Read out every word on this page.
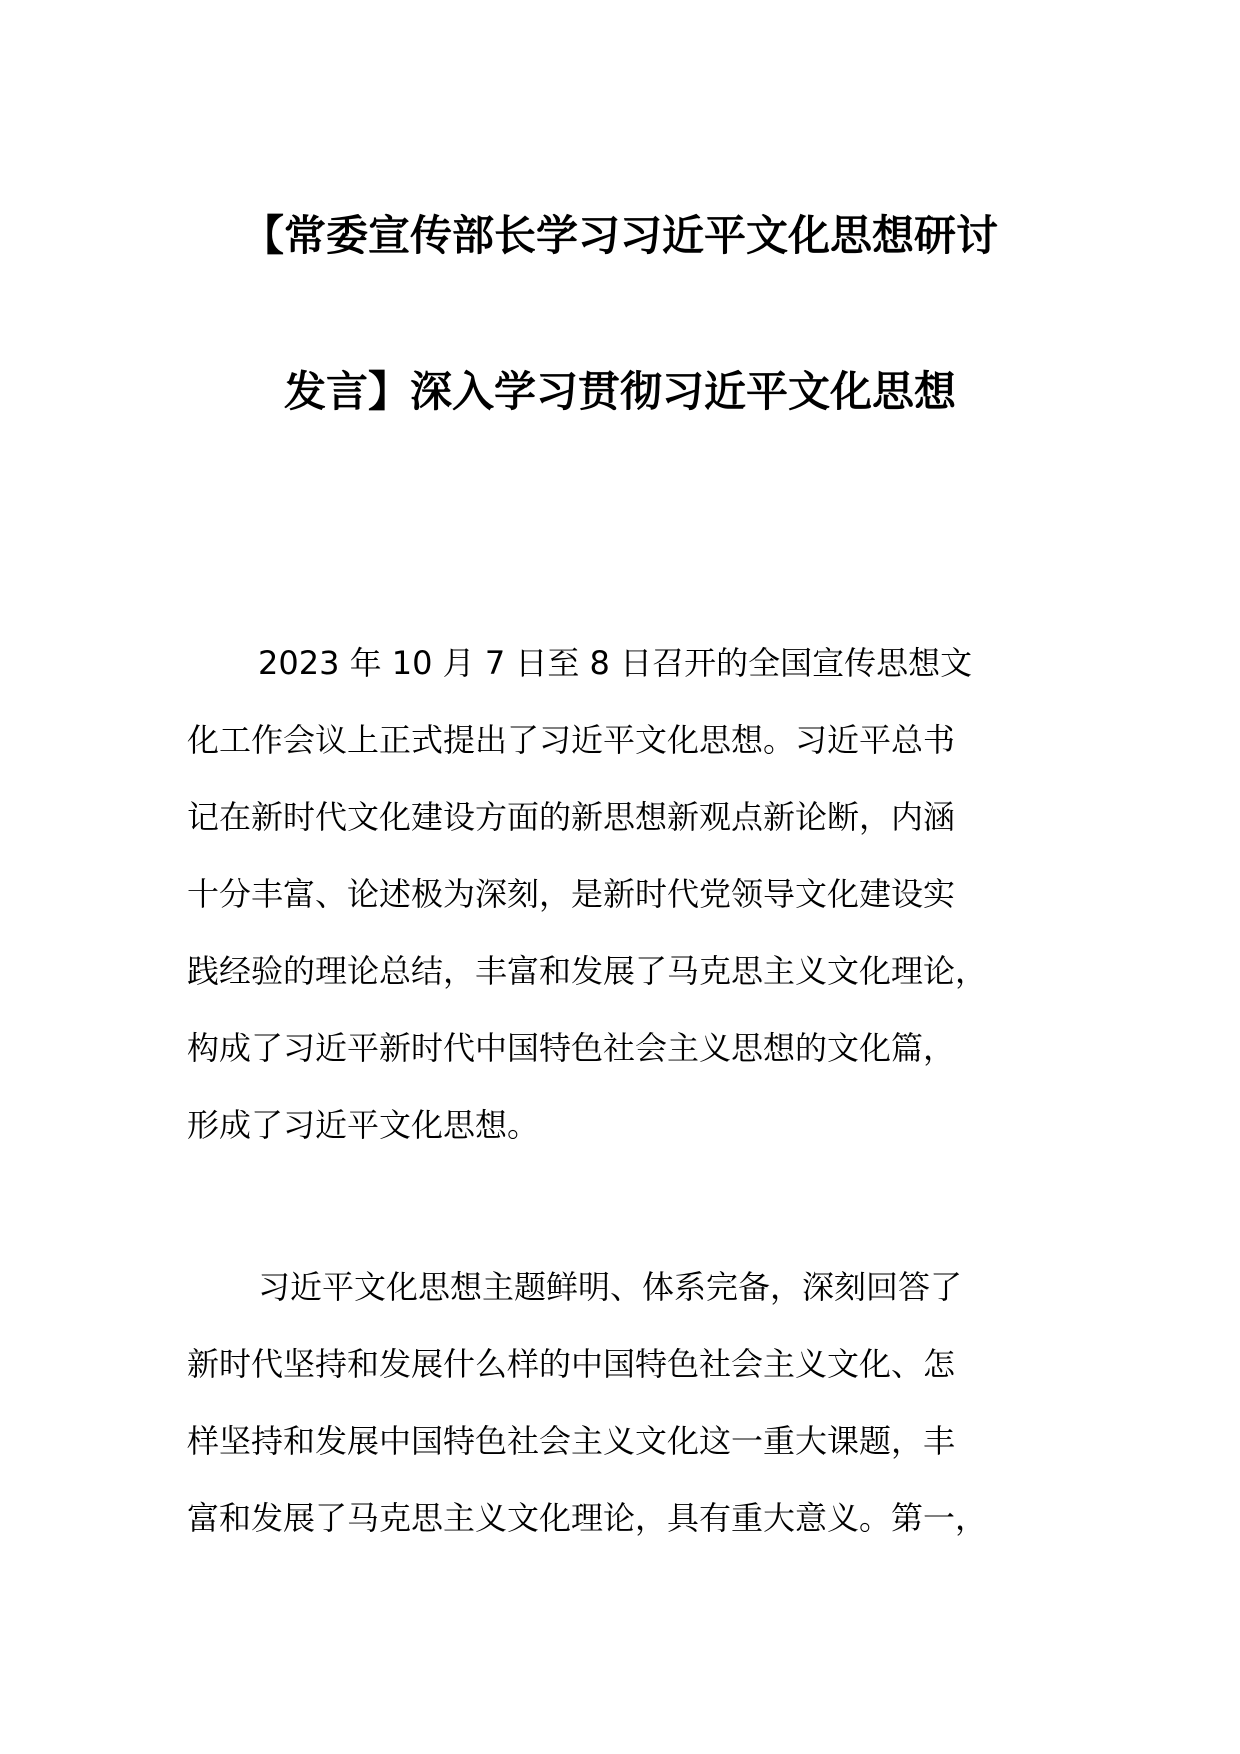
【常委宣传部长学习习近平文化思想研讨
发言】深入学习贯彻习近平文化思想
2023 年 10 月 7 日至 8 日召开的全国宣传思想文
化工作会议上正式提出了习近平文化思想。习近平总书
记在新时代文化建设方面的新思想新观点新论断，内涵
十分丰富、论述极为深刻，是新时代党领导文化建设实
践经验的理论总结，丰富和发展了马克思主义文化理论，
构成了习近平新时代中国特色社会主义思想的文化篇，
形成了习近平文化思想。
习近平文化思想主题鲜明、体系完备，深刻回答了
新时代坚持和发展什么样的中国特色社会主义文化、怎
样坚持和发展中国特色社会主义文化这一重大课题，丰
富和发展了马克思主义文化理论，具有重大意义。第一，
